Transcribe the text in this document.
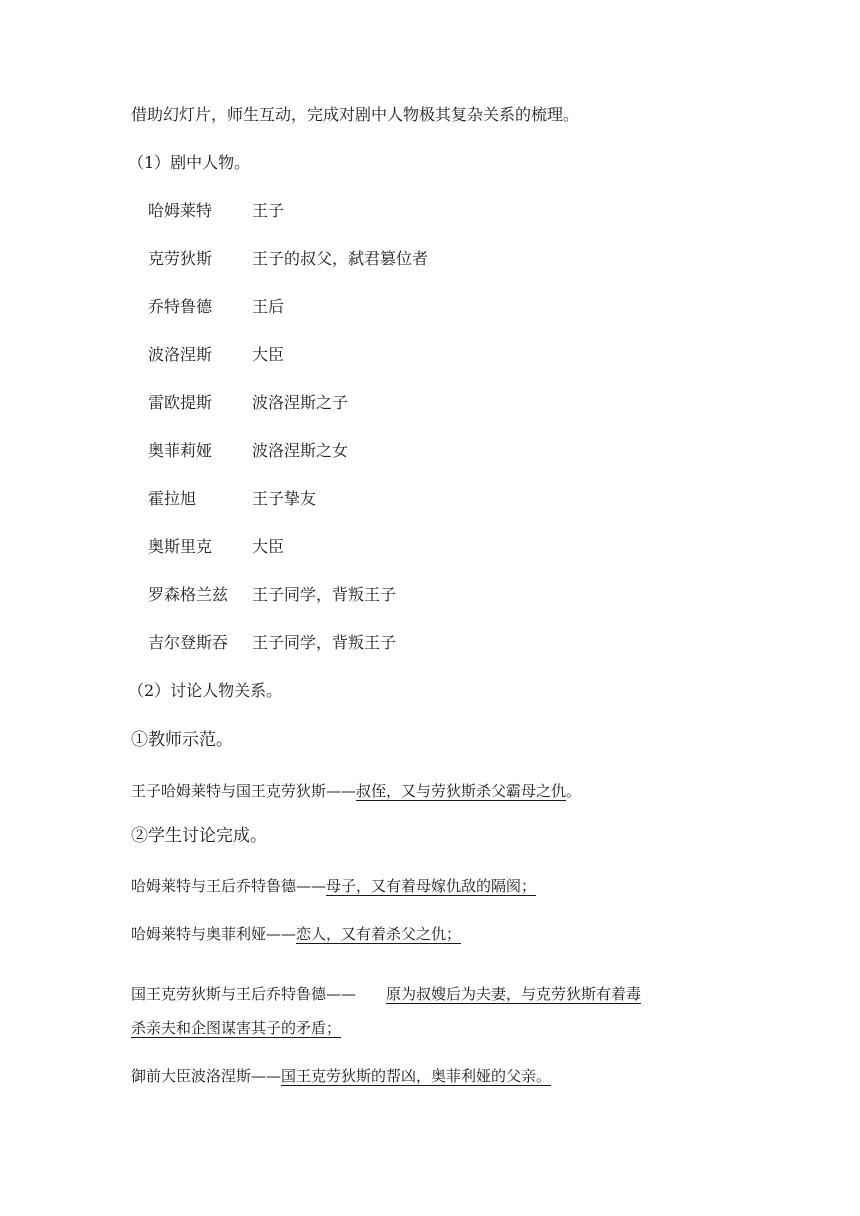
借助幻灯片，师生互动，完成对剧中人物极其复杂关系的梳理。
（1）剧中人物。
哈姆莱特 王子
克劳狄斯 王子的叔父，弑君篡位者
乔特鲁德 王后
波洛涅斯 大臣
雷欧提斯 波洛涅斯之子
奥菲莉娅 波洛涅斯之女
霍拉旭	王子挚友
奥斯里克 大臣
罗森格兰兹 王子同学，背叛王子
吉尔登斯吞 王子同学，背叛王子
（2）讨论人物关系。
①教师示范。
王子哈姆莱特与国王克劳狄斯——叔侄，又与劳狄斯杀父霸母之仇。
②学生讨论完成。
哈姆莱特与王后乔特鲁德——母子，又有着母嫁仇敌的隔阂；
哈姆莱特与奥菲利娅——恋人，又有着杀父之仇；
国王克劳狄斯与王后乔特鲁德—— 原为叔嫂后为夫妻，与克劳狄斯有着毒
杀亲夫和企图谋害其子的矛盾；
御前大臣波洛涅斯——国王克劳狄斯的帮凶，奥菲利娅的父亲。
